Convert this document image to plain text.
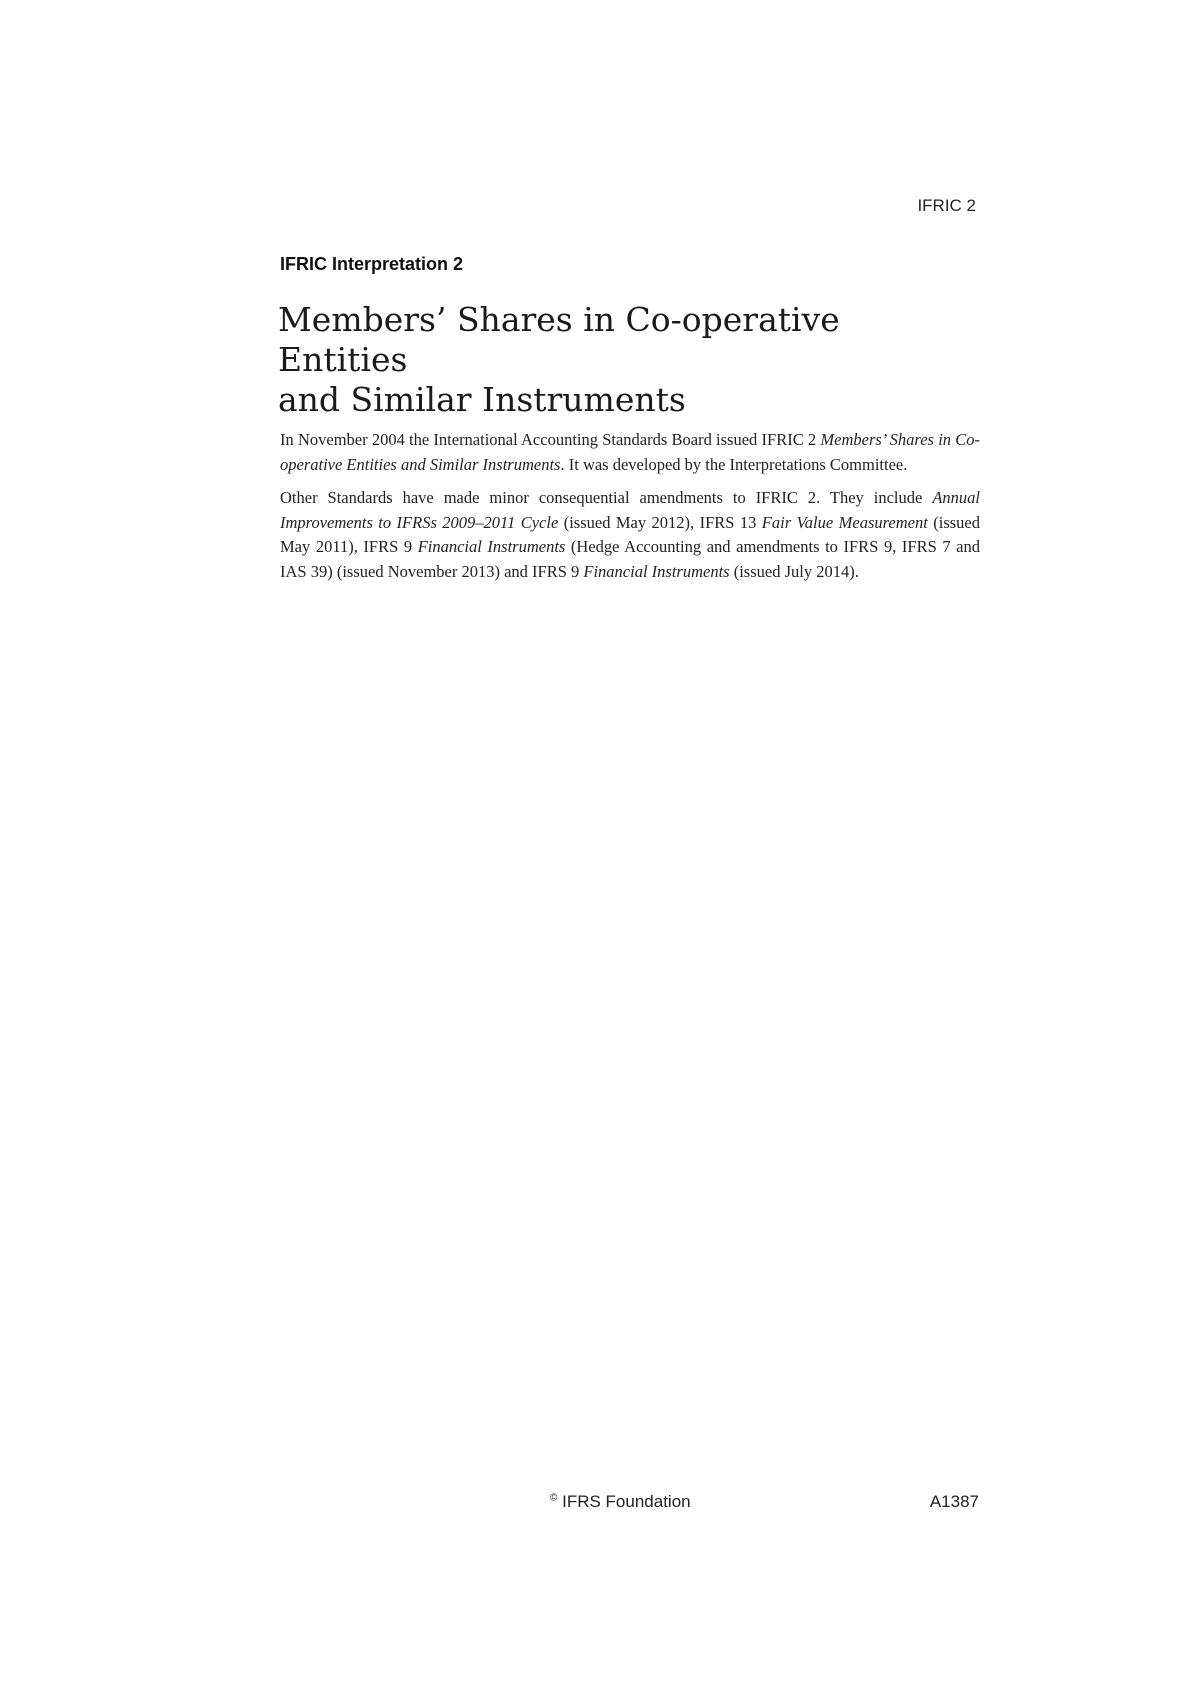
IFRIC 2
IFRIC Interpretation 2
Members’ Shares in Co-operative Entities
and Similar Instruments

In November 2004 the International Accounting Standards Board issued IFRIC 2 Members’ Shares in Co-operative Entities and Similar Instruments. It was developed by the Interpretations Committee.

Other Standards have made minor consequential amendments to IFRIC 2. They include Annual Improvements to IFRSs 2009–2011 Cycle (issued May 2012), IFRS 13 Fair Value Measurement (issued May 2011), IFRS 9 Financial Instruments (Hedge Accounting and amendments to IFRS 9, IFRS 7 and IAS 39) (issued November 2013) and IFRS 9 Financial Instruments (issued July 2014).

© IFRS Foundation	A1387
